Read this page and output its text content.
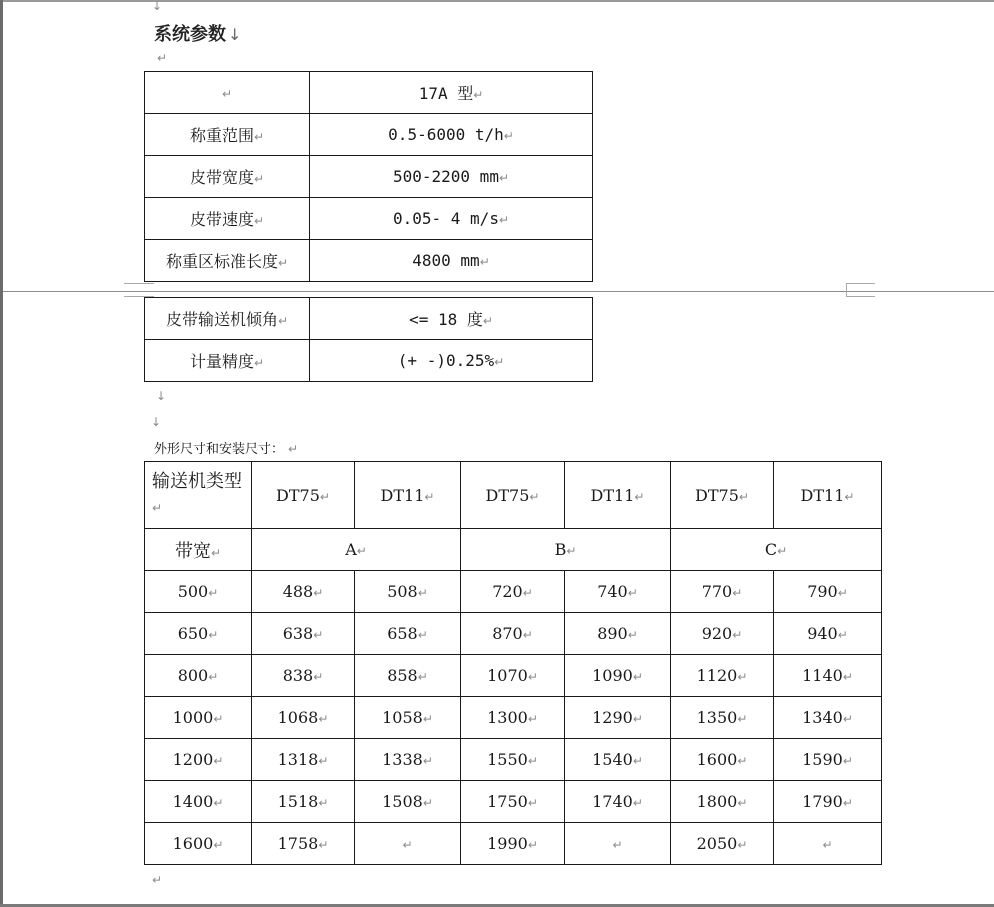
↓
系统参数 ↓
↵
↵	17A 型↵
称重范围↵	0.5-6000 t/h↵
皮带宽度↵	500-2200 mm↵
皮带速度↵	0.05- 4 m/s↵
称重区标准长度↵	4800 mm↵
皮带输送机倾角↵	<= 18 度↵
计量精度↵	(+ -)0.25%↵
↓
↓
外形尺寸和安装尺寸： ↵
输送机类型↵	DT75↵	DT11↵	DT75↵	DT11↵	DT75↵	DT11↵
带宽↵	A↵		B↵		C↵	
500↵	488↵	508↵	720↵	740↵	770↵	790↵
650↵	638↵	658↵	870↵	890↵	920↵	940↵
800↵	838↵	858↵	1070↵	1090↵	1120↵	1140↵
1000↵	1068↵	1058↵	1300↵	1290↵	1350↵	1340↵
1200↵	1318↵	1338↵	1550↵	1540↵	1600↵	1590↵
1400↵	1518↵	1508↵	1750↵	1740↵	1800↵	1790↵
1600↵	1758↵	↵	1990↵	↵	2050↵	↵
↵
